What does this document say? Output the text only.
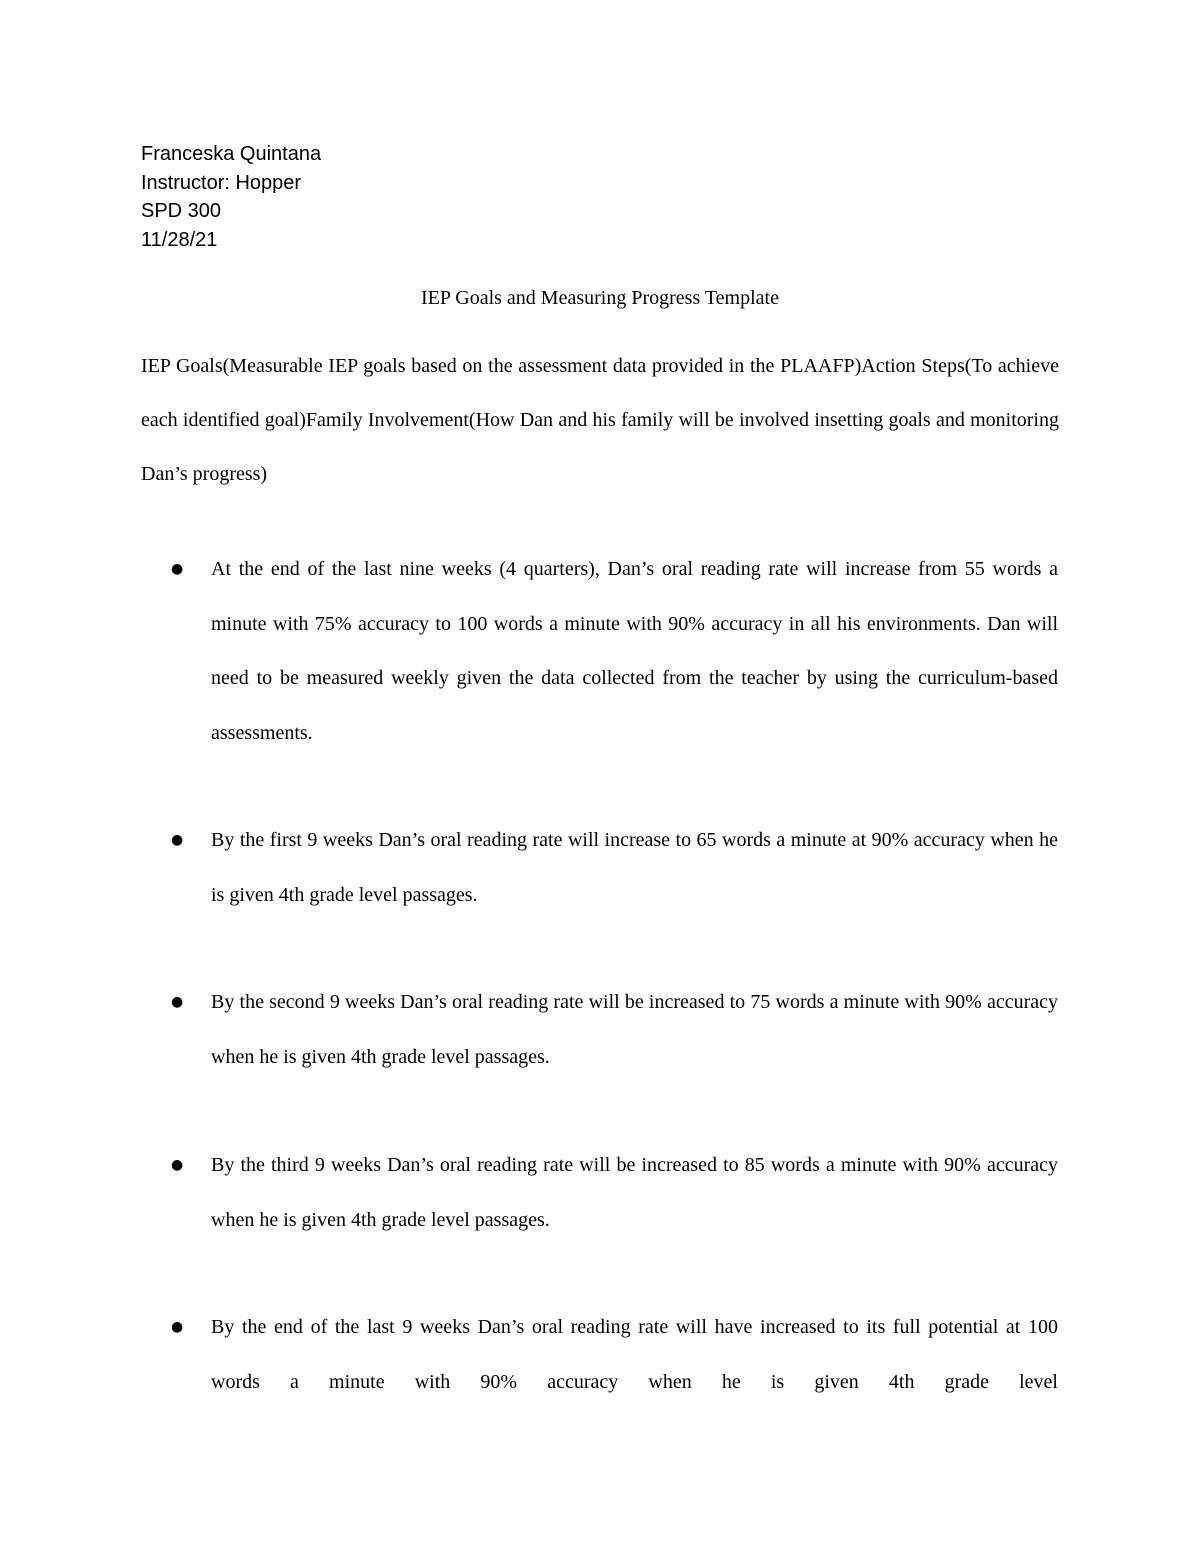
Franceska Quintana
Instructor: Hopper
SPD 300
11/28/21
IEP Goals and Measuring Progress Template
IEP Goals(Measurable IEP goals based on the assessment data provided in the PLAAFP)Action Steps(To achieve each identified goal)Family Involvement(How Dan and his family will be involved insetting goals and monitoring Dan’s progress)
● At the end of the last nine weeks (4 quarters), Dan’s oral reading rate will increase from 55 words a minute with 75% accuracy to 100 words a minute with 90% accuracy in all his environments. Dan will need to be measured weekly given the data collected from the teacher by using the curriculum-based assessments.
● By the first 9 weeks Dan’s oral reading rate will increase to 65 words a minute at 90% accuracy when he is given 4th grade level passages.
● By the second 9 weeks Dan’s oral reading rate will be increased to 75 words a minute with 90% accuracy when he is given 4th grade level passages.
● By the third 9 weeks Dan’s oral reading rate will be increased to 85 words a minute with 90% accuracy when he is given 4th grade level passages.
● By the end of the last 9 weeks Dan’s oral reading rate will have increased to its full potential at 100 words a minute with 90% accuracy when he is given 4th grade level
